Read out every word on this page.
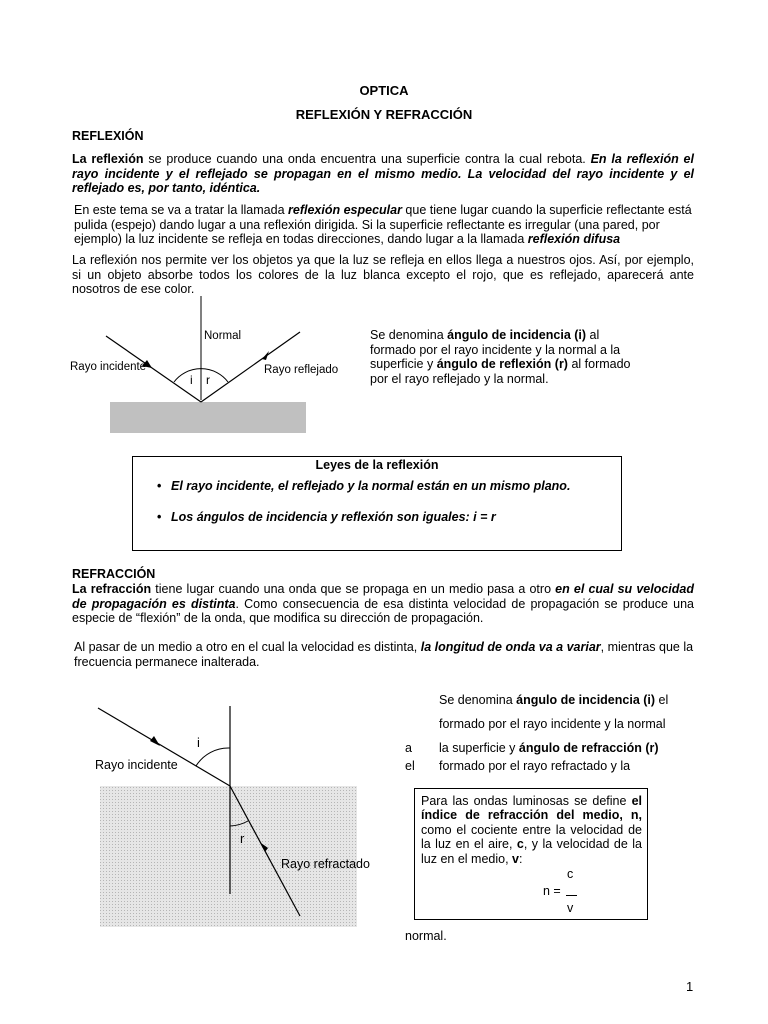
OPTICA
REFLEXIÓN Y REFRACCIÓN
REFLEXIÓN
La reflexión se produce cuando una onda encuentra una superficie contra la cual rebota. En la reflexión el rayo incidente y el reflejado se propagan en el mismo medio. La velocidad del rayo incidente y el reflejado es, por tanto, idéntica.
En este tema se va a tratar la llamada reflexión especular que tiene lugar cuando la superficie reflectante está pulida (espejo) dando lugar a una reflexión dirigida. Si la superficie reflectante es irregular (una pared, por ejemplo) la luz incidente se refleja en todas direcciones, dando lugar a la llamada reflexión difusa
La reflexión nos permite ver los objetos ya que la luz se refleja en ellos llega a nuestros ojos. Así, por ejemplo, si un objeto absorbe todos los colores de la luz blanca excepto el rojo, que es reflejado, aparecerá ante nosotros de ese color.
i r
Normal
Rayo incidente	Rayo reflejado
Se denomina ángulo de incidencia (i) al formado por el rayo incidente y la normal a la superficie y ángulo de reflexión (r) al formado por el rayo reflejado y la normal.
Leyes de la reflexión
• El rayo incidente, el reflejado y la normal están en un mismo plano.
• Los ángulos de incidencia y reflexión son iguales: i = r
REFRACCIÓN
La refracción tiene lugar cuando una onda que se propaga en un medio pasa a otro en el cual su velocidad de propagación es distinta. Como consecuencia de esa distinta velocidad de propagación se produce una especie de “flexión” de la onda, que modifica su dirección de propagación.
Al pasar de un medio a otro en el cual la velocidad es distinta, la longitud de onda va a variar, mientras que la frecuencia permanece inalterada.
i
r
Rayo incidente
Rayo refractado
Se denomina ángulo de incidencia (i) el
formado por el rayo incidente y la normal
a la superficie y ángulo de refracción (r)
el formado por el rayo refractado y la
Para las ondas luminosas se define el índice de refracción del medio, n, como el cociente entre la velocidad de la luz en el aire, c, y la velocidad de la luz en el medio, v:
c
n =
v
normal.
1
